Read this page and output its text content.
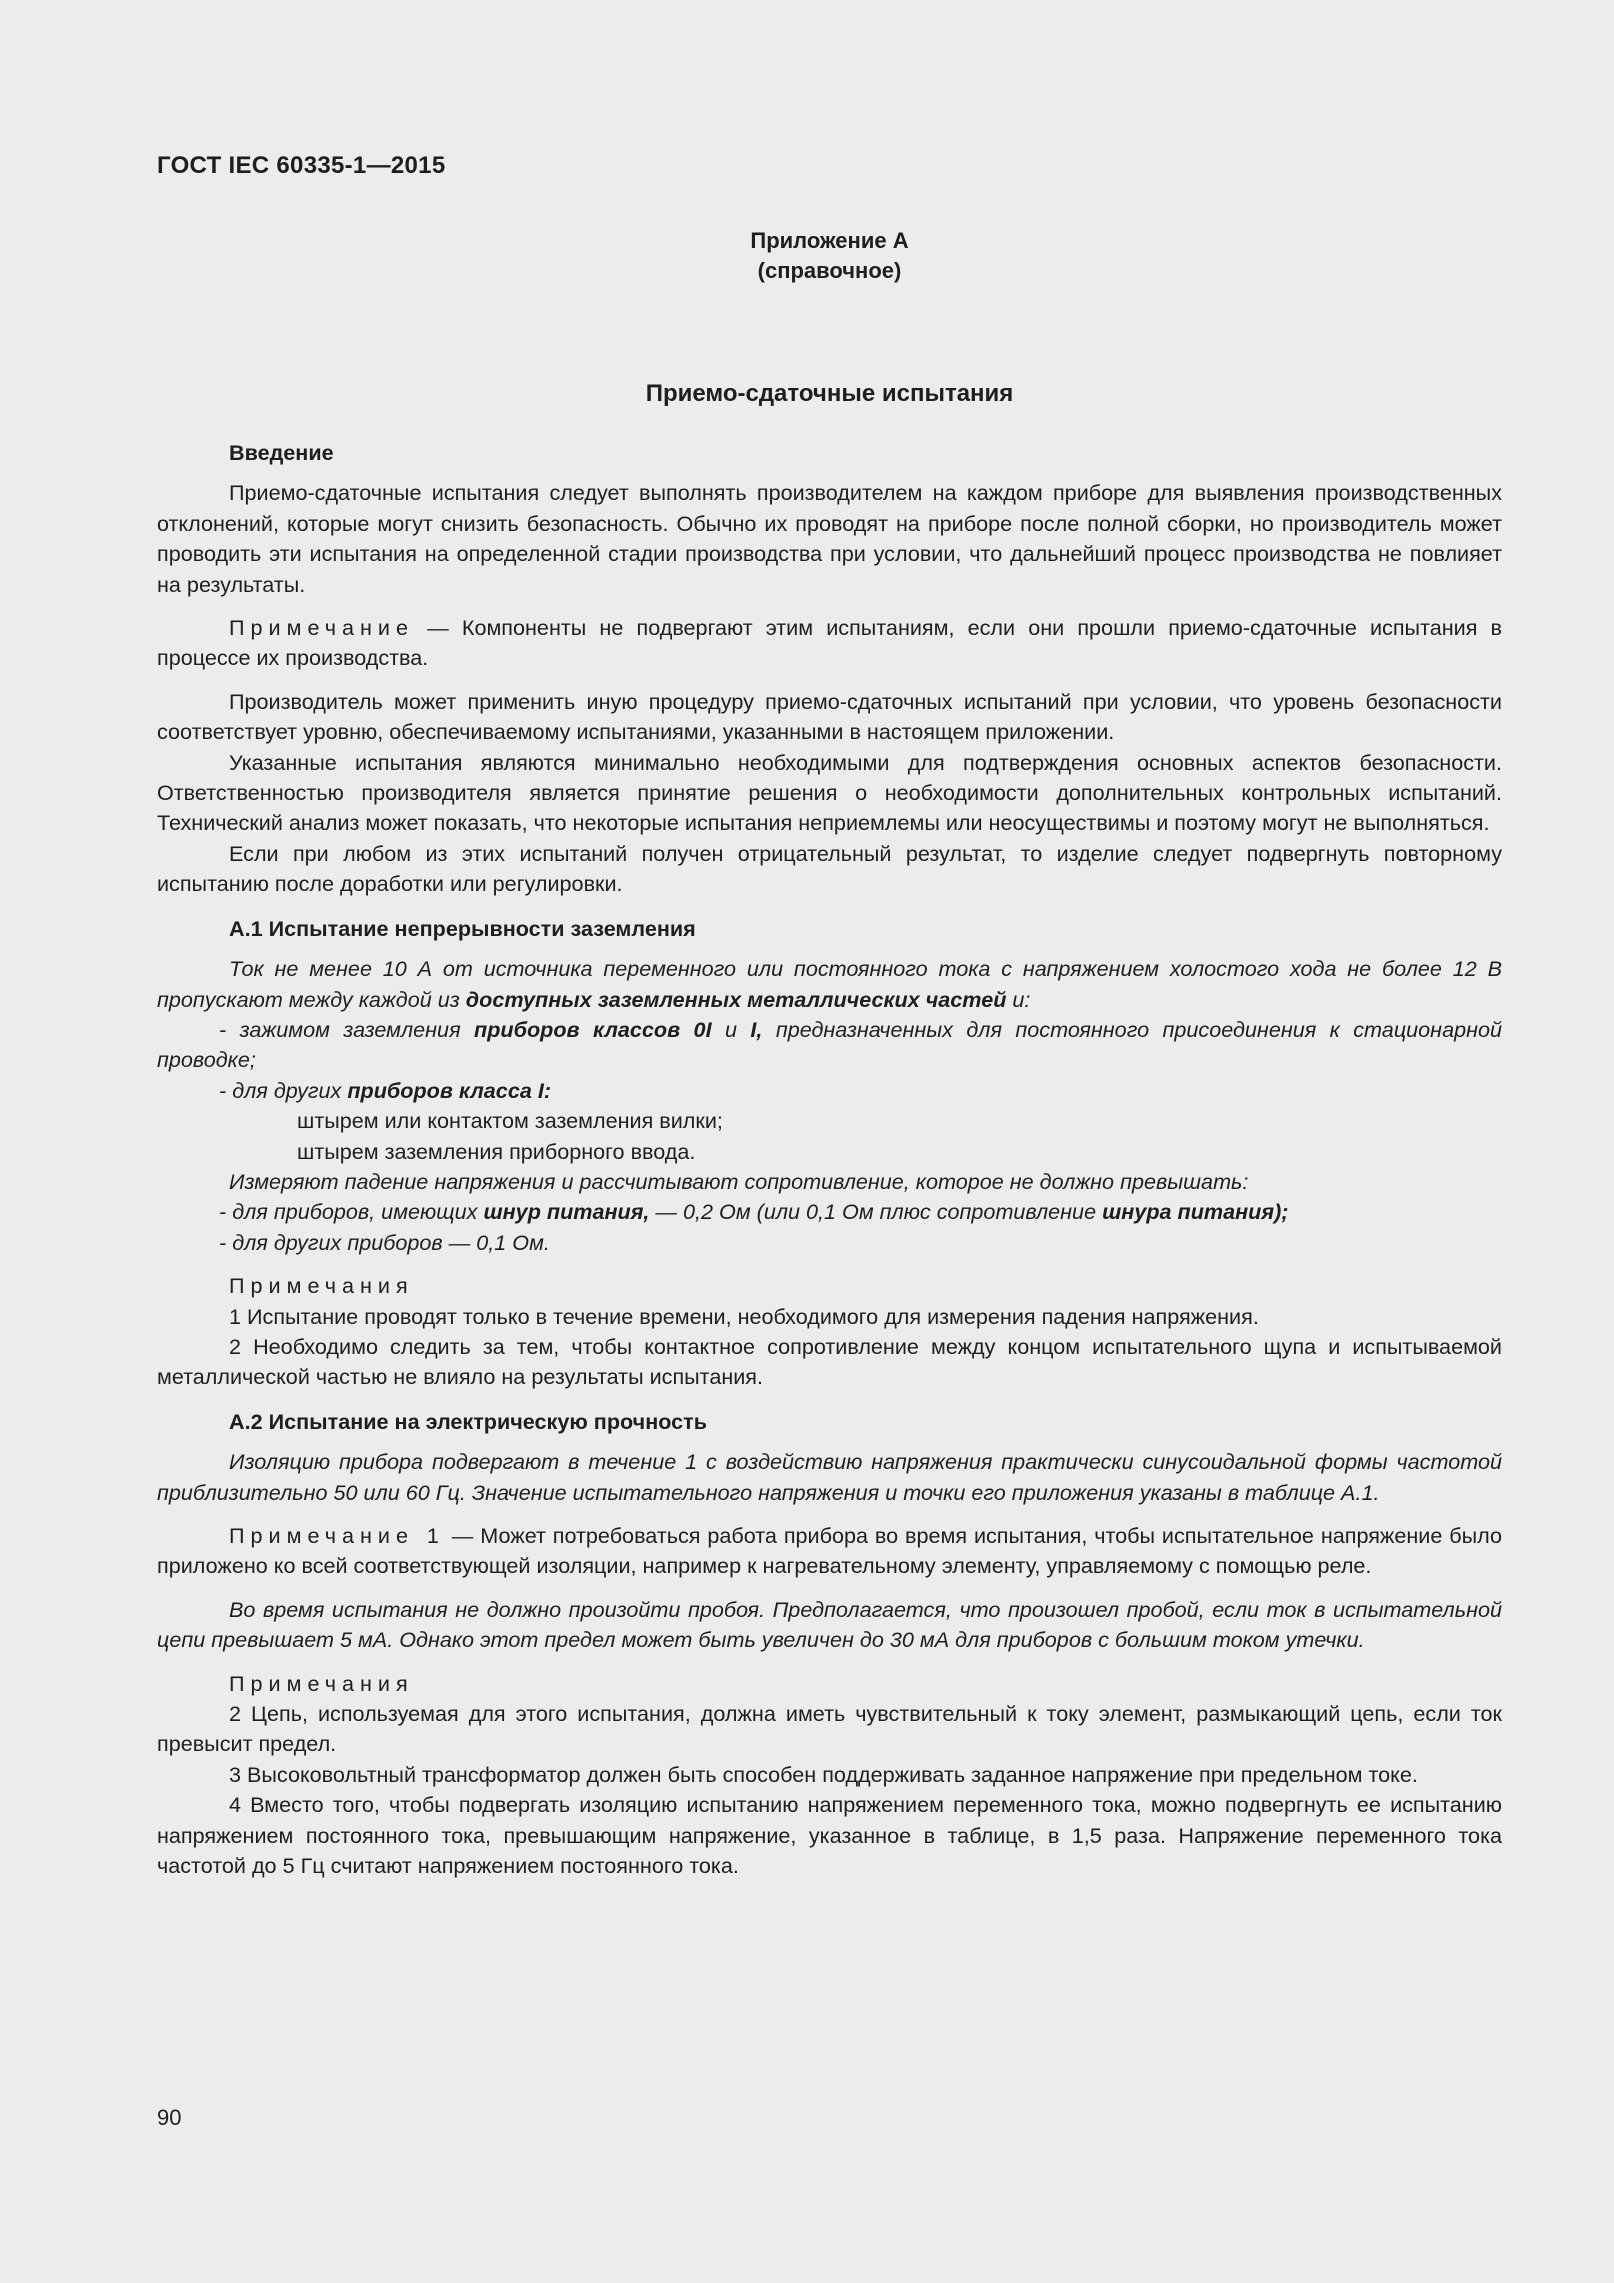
ГОСТ IEC 60335-1—2015
Приложение А
(справочное)
Приемо-сдаточные испытания

Введение

Приемо-сдаточные испытания следует выполнять производителем на каждом приборе для выявления производственных отклонений, которые могут снизить безопасность. Обычно их проводят на приборе после полной сборки, но производитель может проводить эти испытания на определенной стадии производства при условии, что дальнейший процесс производства не повлияет на результаты.

Примечание — Компоненты не подвергают этим испытаниям, если они прошли приемо-сдаточные испытания в процессе их производства.

Производитель может применить иную процедуру приемо-сдаточных испытаний при условии, что уровень безопасности соответствует уровню, обеспечиваемому испытаниями, указанными в настоящем приложении.

Указанные испытания являются минимально необходимыми для подтверждения основных аспектов безопасности. Ответственностью производителя является принятие решения о необходимости дополнительных контрольных испытаний. Технический анализ может показать, что некоторые испытания неприемлемы или неосуществимы и поэтому могут не выполняться.

Если при любом из этих испытаний получен отрицательный результат, то изделие следует подвергнуть повторному испытанию после доработки или регулировки.

А.1 Испытание непрерывности заземления

Ток не менее 10 А от источника переменного или постоянного тока с напряжением холостого хода не более 12 В пропускают между каждой из доступных заземленных металлических частей и:

- зажимом заземления приборов классов 0I и I, предназначенных для постоянного присоединения к стационарной проводке;

- для других приборов класса I:

штырем или контактом заземления вилки;

штырем заземления приборного ввода.

Измеряют падение напряжения и рассчитывают сопротивление, которое не должно превышать:

- для приборов, имеющих шнур питания, — 0,2 Ом (или 0,1 Ом плюс сопротивление шнура питания);

- для других приборов — 0,1 Ом.

Примечания

1 Испытание проводят только в течение времени, необходимого для измерения падения напряжения.

2 Необходимо следить за тем, чтобы контактное сопротивление между концом испытательного щупа и испытываемой металлической частью не влияло на результаты испытания.

А.2 Испытание на электрическую прочность

Изоляцию прибора подвергают в течение 1 с воздействию напряжения практически синусоидальной формы частотой приблизительно 50 или 60 Гц. Значение испытательного напряжения и точки его приложения указаны в таблице А.1.

Примечание 1 — Может потребоваться работа прибора во время испытания, чтобы испытательное напряжение было приложено ко всей соответствующей изоляции, например к нагревательному элементу, управляемому с помощью реле.

Во время испытания не должно произойти пробоя. Предполагается, что произошел пробой, если ток в испытательной цепи превышает 5 мА. Однако этот предел может быть увеличен до 30 мА для приборов с большим током утечки.

Примечания

2 Цепь, используемая для этого испытания, должна иметь чувствительный к току элемент, размыкающий цепь, если ток превысит предел.

3 Высоковольтный трансформатор должен быть способен поддерживать заданное напряжение при предельном токе.

4 Вместо того, чтобы подвергать изоляцию испытанию напряжением переменного тока, можно подвергнуть ее испытанию напряжением постоянного тока, превышающим напряжение, указанное в таблице, в 1,5 раза. Напряжение переменного тока частотой до 5 Гц считают напряжением постоянного тока.

90
